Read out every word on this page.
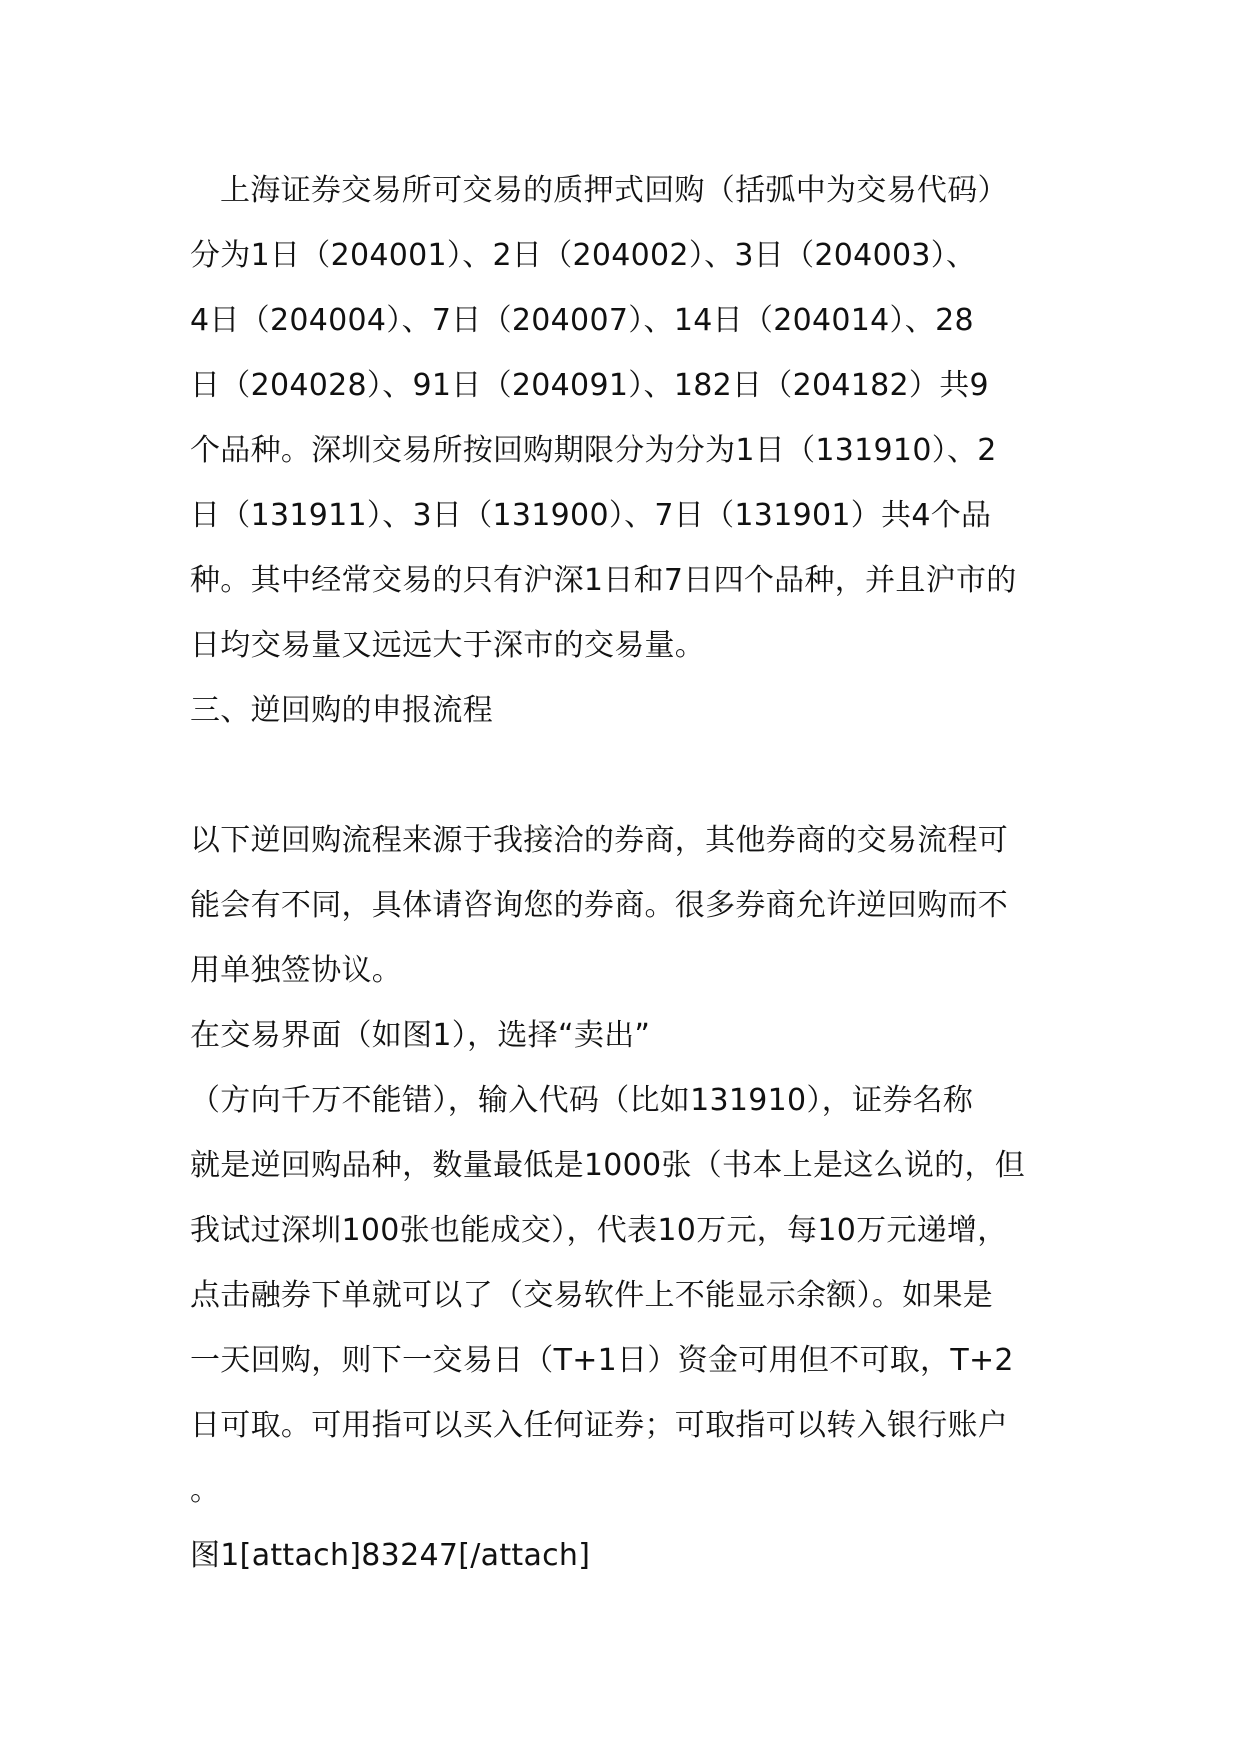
上海证券交易所可交易的质押式回购（括弧中为交易代码）
分为1日（204001）、2日（204002）、3日（204003）、
4日（204004）、7日（204007）、14日（204014）、28
日（204028）、91日（204091）、182日（204182）共9
个品种。深圳交易所按回购期限分为分为1日（131910）、2
日（131911）、3日（131900）、7日（131901）共4个品
种。其中经常交易的只有沪深1日和7日四个品种，并且沪市的
日均交易量又远远大于深市的交易量。
三、逆回购的申报流程
以下逆回购流程来源于我接洽的券商，其他券商的交易流程可
能会有不同，具体请咨询您的券商。很多券商允许逆回购而不
用单独签协议。
在交易界面（如图1），选择“卖出”
（方向千万不能错），输入代码（比如131910），证券名称
就是逆回购品种，数量最低是1000张（书本上是这么说的，但
我试过深圳100张也能成交），代表10万元，每10万元递增，
点击融券下单就可以了（交易软件上不能显示余额）。如果是
一天回购，则下一交易日（T+1日）资金可用但不可取，T+2
日可取。可用指可以买入任何证券；可取指可以转入银行账户
。
图1[attach]83247[/attach]
